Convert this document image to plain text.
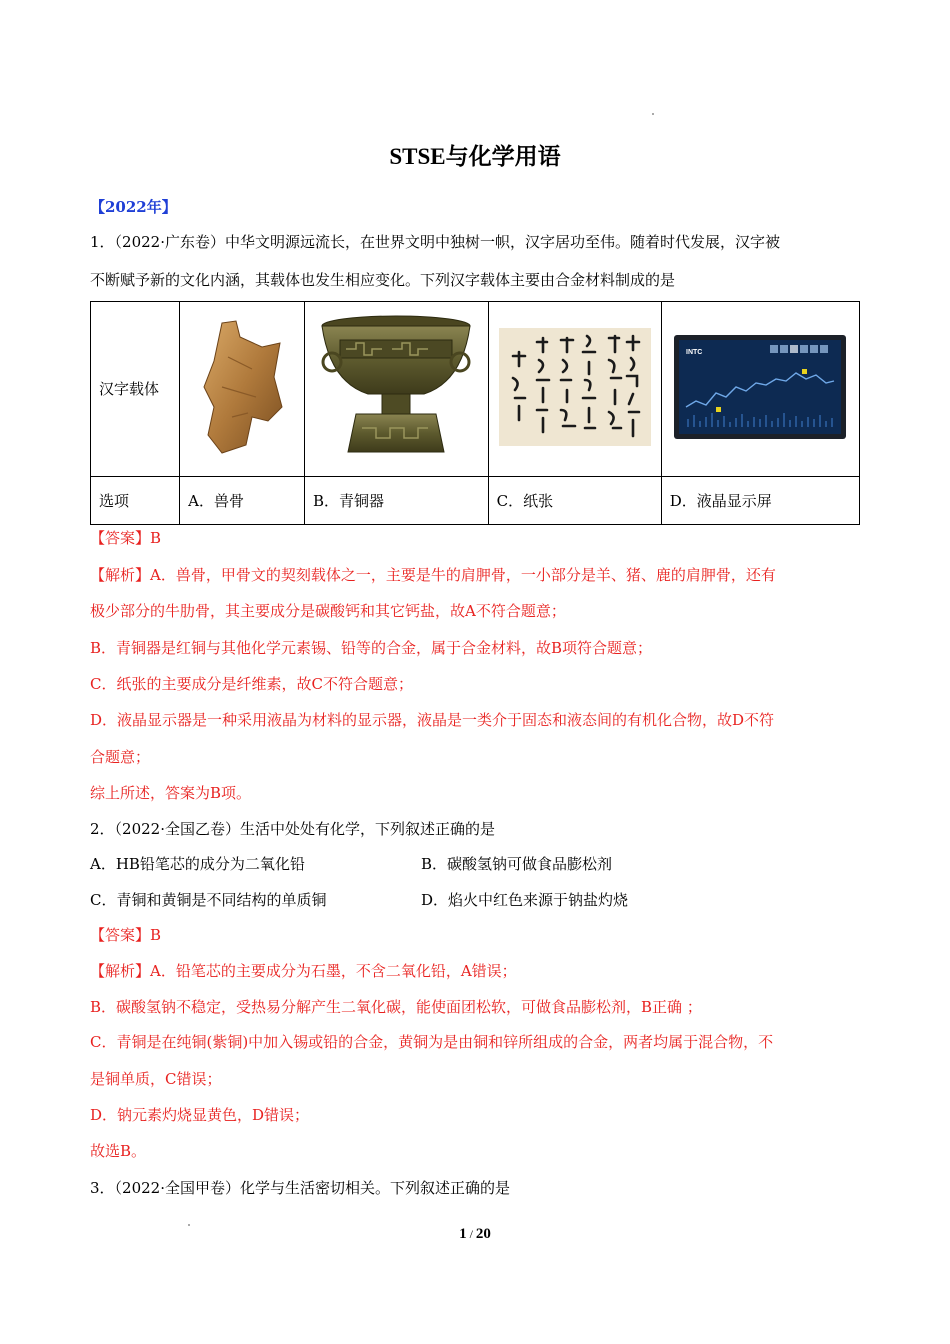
STSE与化学用语
【2022年】
1．（2022·广东卷）中华文明源远流长，在世界文明中独树一帜，汉字居功至伟。随着时代发展，汉字被
不断赋予新的文化内涵，其载体也发生相应变化。下列汉字载体主要由合金材料制成的是
汉字载体				INTC

选项	A．兽骨	B．青铜器	C．纸张	D．液晶显示屏
【答案】B
【解析】A．兽骨，甲骨文的契刻载体之一，主要是牛的肩胛骨，一小部分是羊、猪、鹿的肩胛骨，还有
极少部分的牛肋骨，其主要成分是碳酸钙和其它钙盐，故A不符合题意；
B．青铜器是红铜与其他化学元素锡、铅等的合金，属于合金材料，故B项符合题意；
C．纸张的主要成分是纤维素，故C不符合题意；
D．液晶显示器是一种采用液晶为材料的显示器，液晶是一类介于固态和液态间的有机化合物，故D不符
合题意；
综上所述，答案为B项。
2．（2022·全国乙卷）生活中处处有化学，下列叙述正确的是
A．HB铅笔芯的成分为二氧化铅	B．碳酸氢钠可做食品膨松剂
C．青铜和黄铜是不同结构的单质铜	D．焰火中红色来源于钠盐灼烧
【答案】B
【解析】A．铅笔芯的主要成分为石墨，不含二氧化铅，A错误；
B．碳酸氢钠不稳定，受热易分解产生二氧化碳，能使面团松软，可做食品膨松剂，B正确 ；
C．青铜是在纯铜(紫铜)中加入锡或铅的合金，黄铜为是由铜和锌所组成的合金，两者均属于混合物，不
是铜单质，C错误；
D．钠元素灼烧显黄色，D错误；
故选B。
3．（2022·全国甲卷）化学与生活密切相关。下列叙述正确的是
1 / 20
